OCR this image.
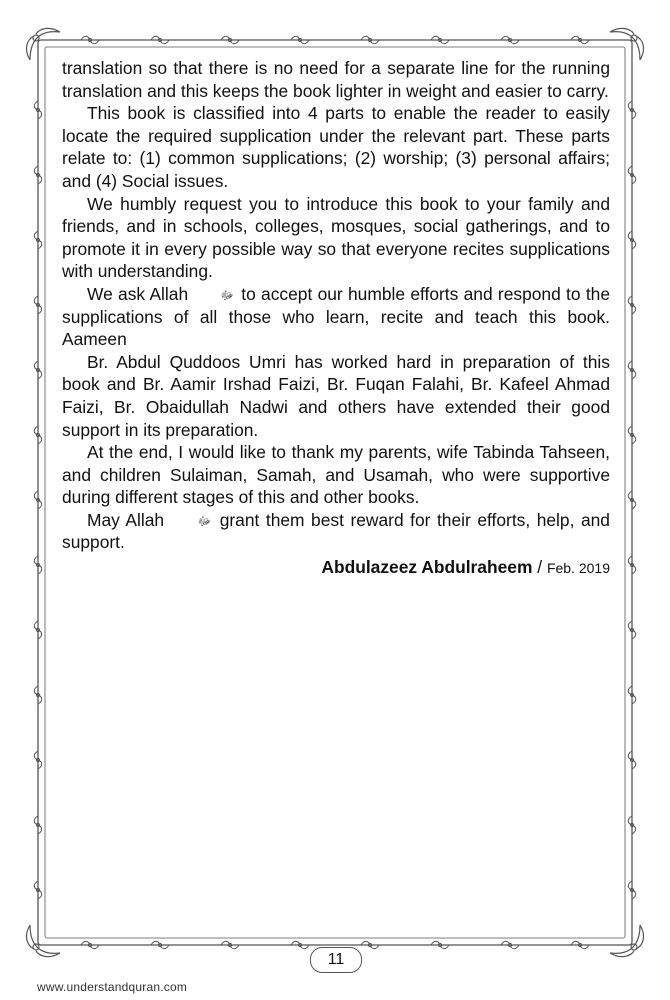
translation so that there is no need for a separate line for the running translation and this keeps the book lighter in weight and easier to carry.

This book is classified into 4 parts to enable the reader to easily locate the required supplication under the relevant part. These parts relate to: (1) common supplications; (2) worship; (3) personal affairs; and (4) Social issues.

We humbly request you to introduce this book to your family and friends, and in schools, colleges, mosques, social gatherings, and to promote it in every possible way so that everyone recites supplications with understanding.

We ask Allah	ﷻ to accept our humble efforts and respond to the supplications of all those who learn, recite and teach this book. Aameen

Br. Abdul Quddoos Umri has worked hard in preparation of this book and Br. Aamir Irshad Faizi, Br. Fuqan Falahi, Br. Kafeel Ahmad Faizi, Br. Obaidullah Nadwi and others have extended their good support in its preparation.

At the end, I would like to thank my parents, wife Tabinda Tahseen, and children Sulaiman, Samah, and Usamah, who were supportive during different stages of this and other books.

May Allah	ﷻ grant them best reward for their efforts, help, and support.

Abdulazeez Abdulraheem / Feb. 2019
11
www.understandquran.com
